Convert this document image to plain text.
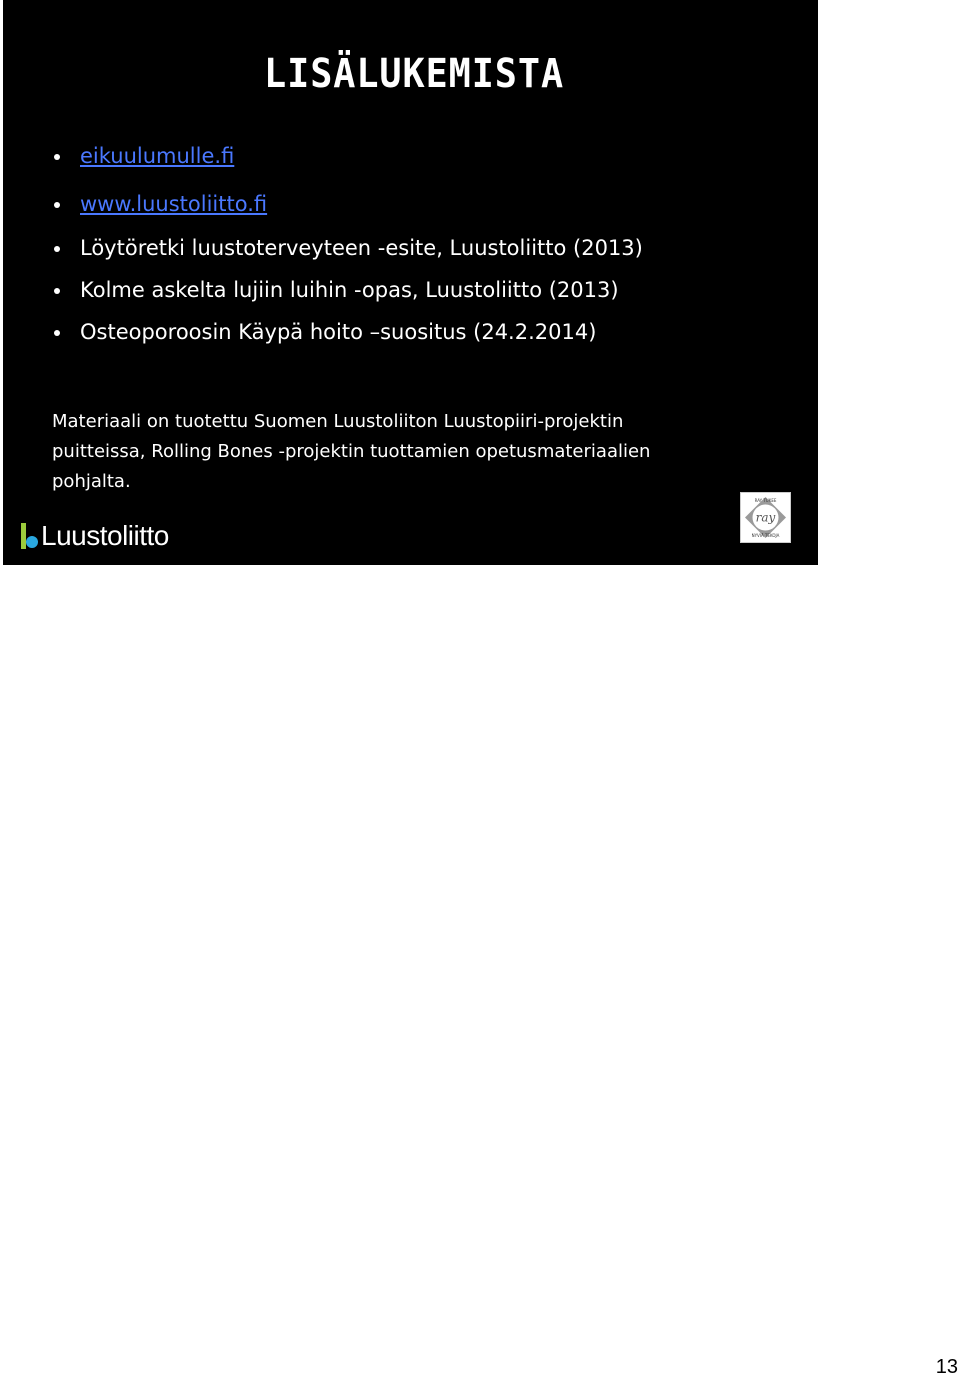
LISÄLUKEMISTA
eikuulumulle.fi
www.luustoliitto.fi
Löytöretki luustoterveyteen -esite, Luustoliitto (2013)
Kolme askelta lujiin luihin -opas, Luustoliitto (2013)
Osteoporoosin Käypä hoito –suositus (24.2.2014)

Materiaali on tuotettu Suomen Luustoliiton Luustopiiri-projektin

puitteissa, Rolling Bones -projektin tuottamien opetusmateriaalien

pohjalta.

Luustoliitto
ray
RAY TUKEE
NYVIÄ TEKOJA
13
